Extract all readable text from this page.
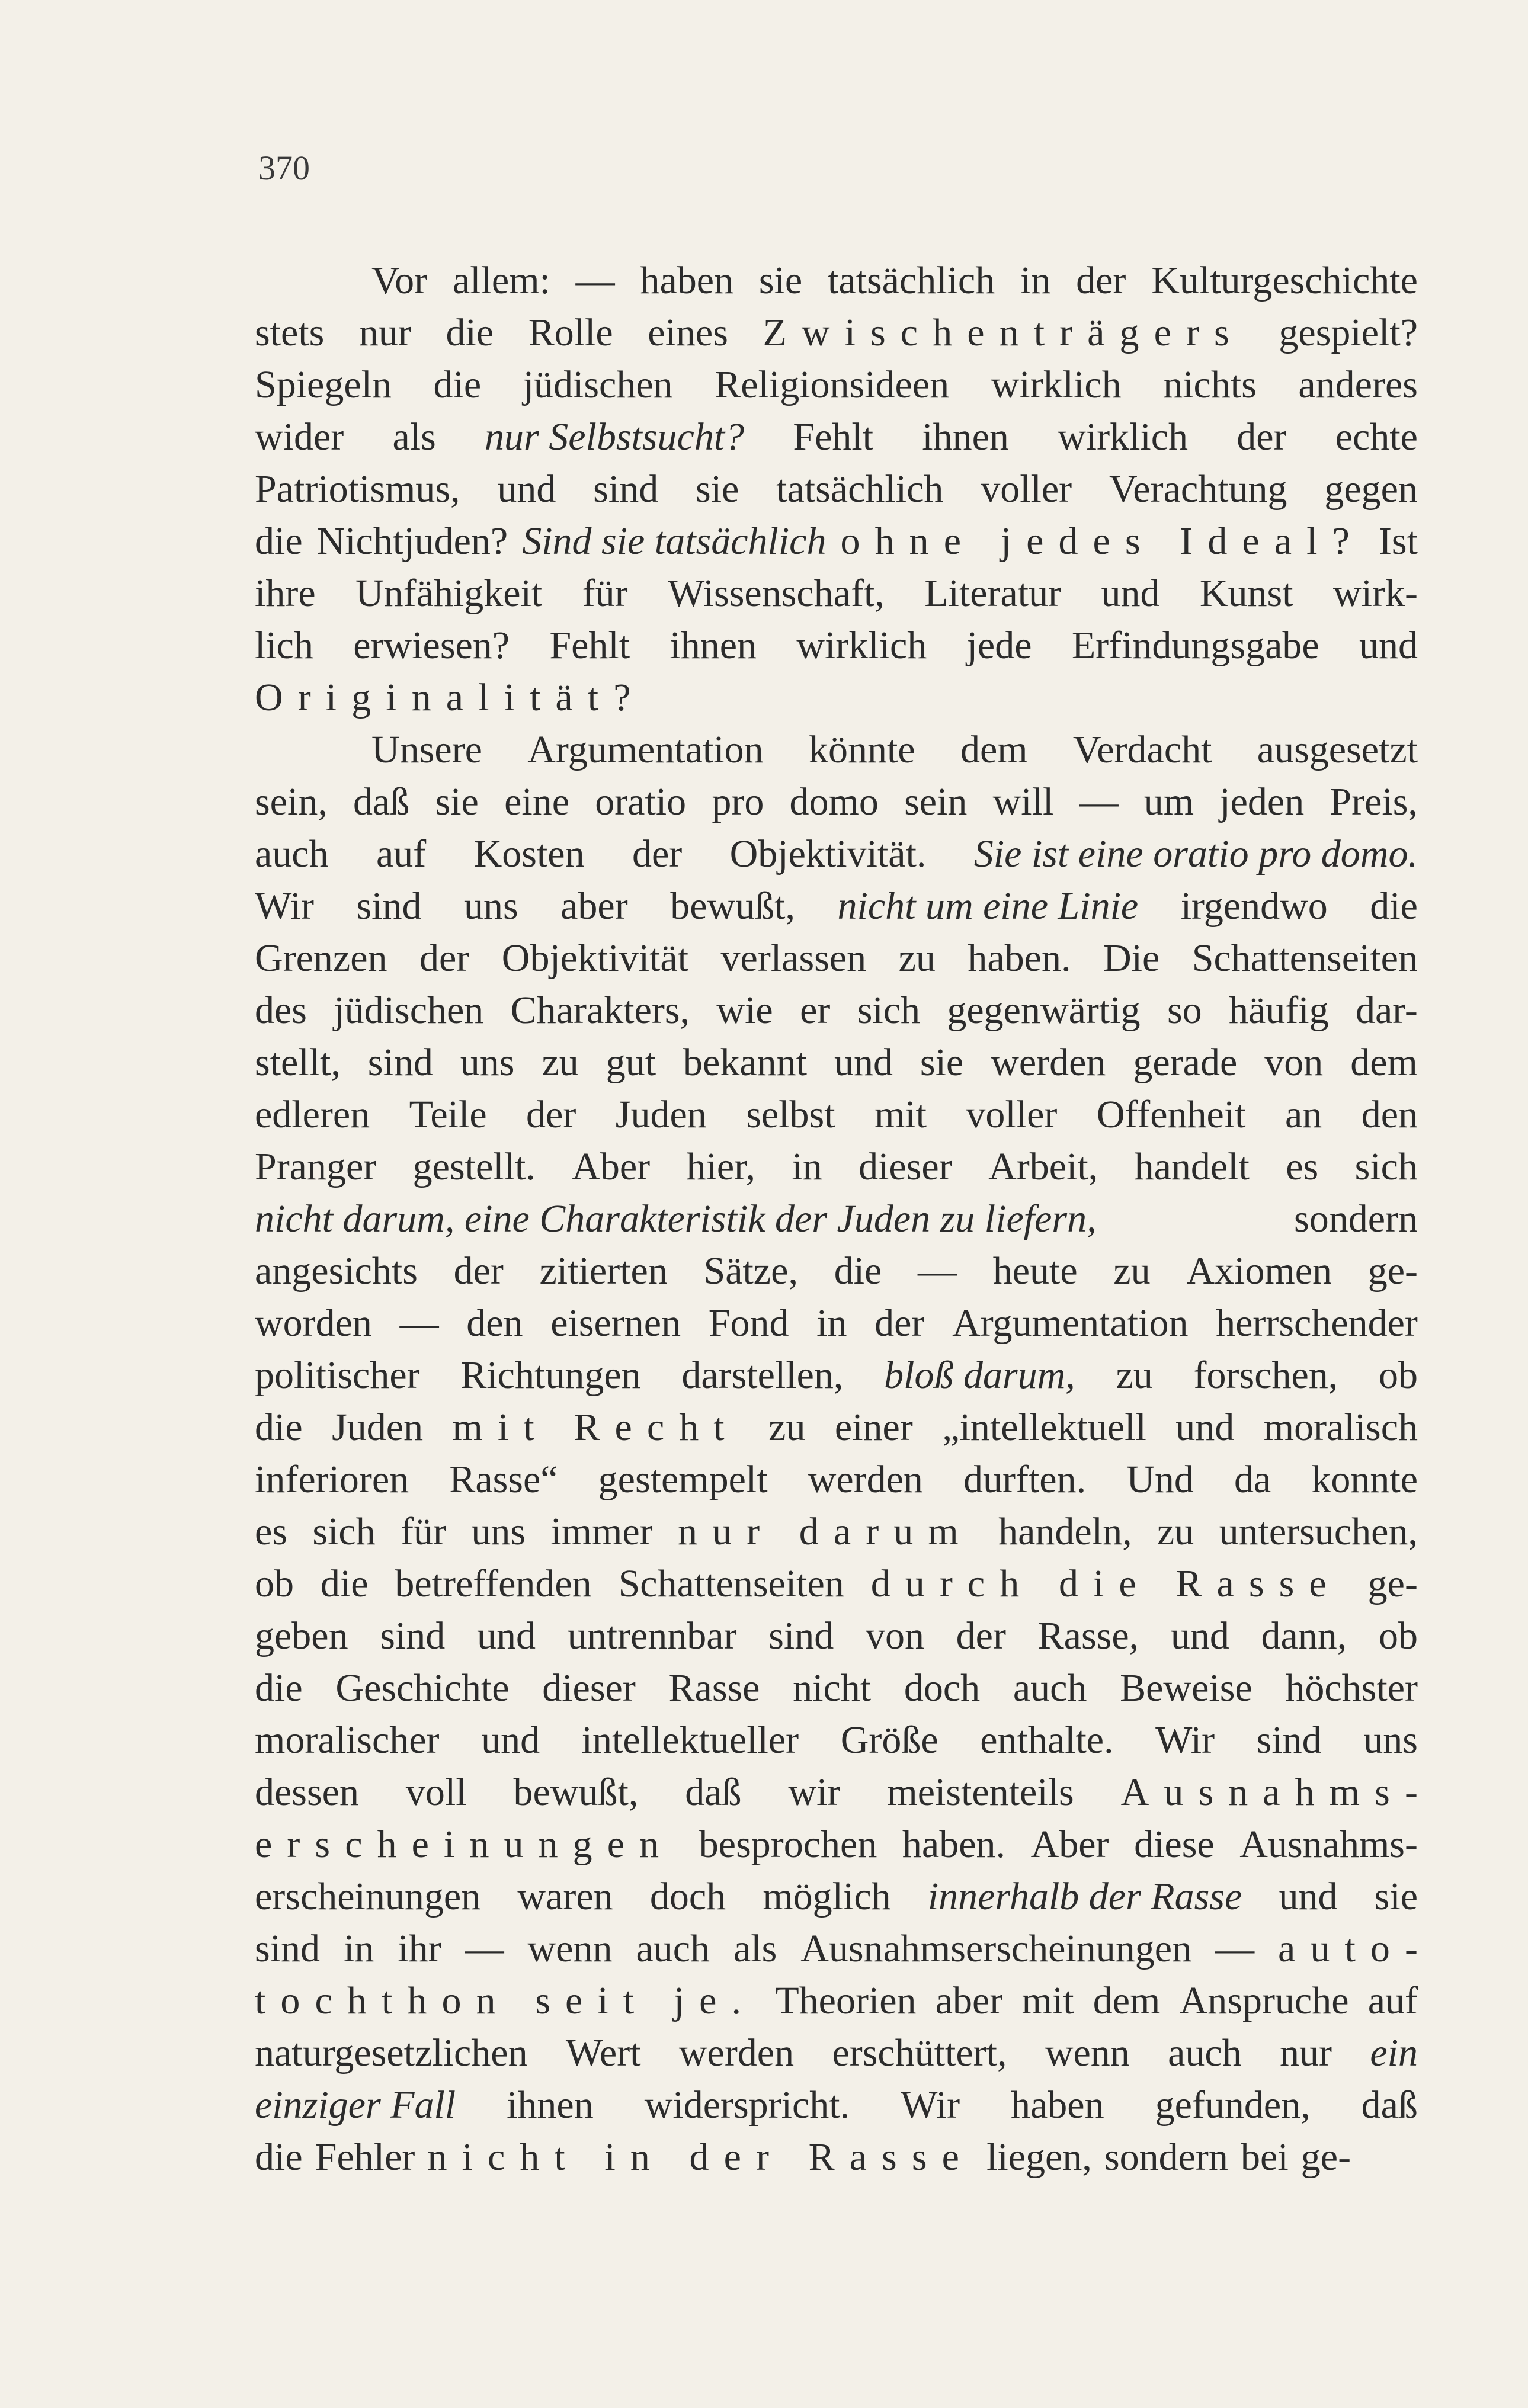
370
Vor allem: — haben sie tatsächlich in der Kulturgeschichte
stets nur die Rolle eines Zwischenträgers gespielt?
Spiegeln die jüdischen Religionsideen wirklich nichts anderes
wider als nur Selbstsucht? Fehlt ihnen wirklich der echte
Patriotismus, und sind sie tatsächlich voller Verachtung gegen
die Nichtjuden? Sind sie tatsächlich ohne jedes Ideal? Ist
ihre Unfähigkeit für Wissenschaft, Literatur und Kunst wirk-
lich erwiesen? Fehlt ihnen wirklich jede Erfindungsgabe und
Originalität?
Unsere Argumentation könnte dem Verdacht ausgesetzt
sein, daß sie eine oratio pro domo sein will — um jeden Preis,
auch auf Kosten der Objektivität. Sie ist eine oratio pro domo.
Wir sind uns aber bewußt, nicht um eine Linie irgendwo die
Grenzen der Objektivität verlassen zu haben. Die Schattenseiten
des jüdischen Charakters, wie er sich gegenwärtig so häufig dar-
stellt, sind uns zu gut bekannt und sie werden gerade von dem
edleren Teile der Juden selbst mit voller Offenheit an den
Pranger gestellt. Aber hier, in dieser Arbeit, handelt es sich
nicht darum, eine Charakteristik der Juden zu liefern,	sondern
angesichts der zitierten Sätze, die — heute zu Axiomen ge-
worden — den eisernen Fond in der Argumentation herrschender
politischer Richtungen darstellen, bloß darum, zu forschen, ob
die Juden mit Recht zu einer „intellektuell und moralisch
inferioren Rasse“ gestempelt werden durften. Und da konnte
es sich für uns immer nur darum handeln, zu untersuchen,
ob die betreffenden Schattenseiten durch die Rasse ge-
geben sind und untrennbar sind von der Rasse, und dann, ob
die Geschichte dieser Rasse nicht doch auch Beweise höchster
moralischer und intellektueller Größe enthalte. Wir sind uns
dessen voll bewußt, daß wir meistenteils Ausnahms-
erscheinungen besprochen haben. Aber diese Ausnahms-
erscheinungen waren doch möglich innerhalb der Rasse und sie
sind in ihr — wenn auch als Ausnahmserscheinungen — auto-
tochthon seit je. Theorien aber mit dem Anspruche auf
naturgesetzlichen Wert werden erschüttert, wenn auch nur ein
einziger Fall ihnen widerspricht. Wir haben gefunden, daß
die Fehler nicht in der Rasse liegen, sondern bei ge-
